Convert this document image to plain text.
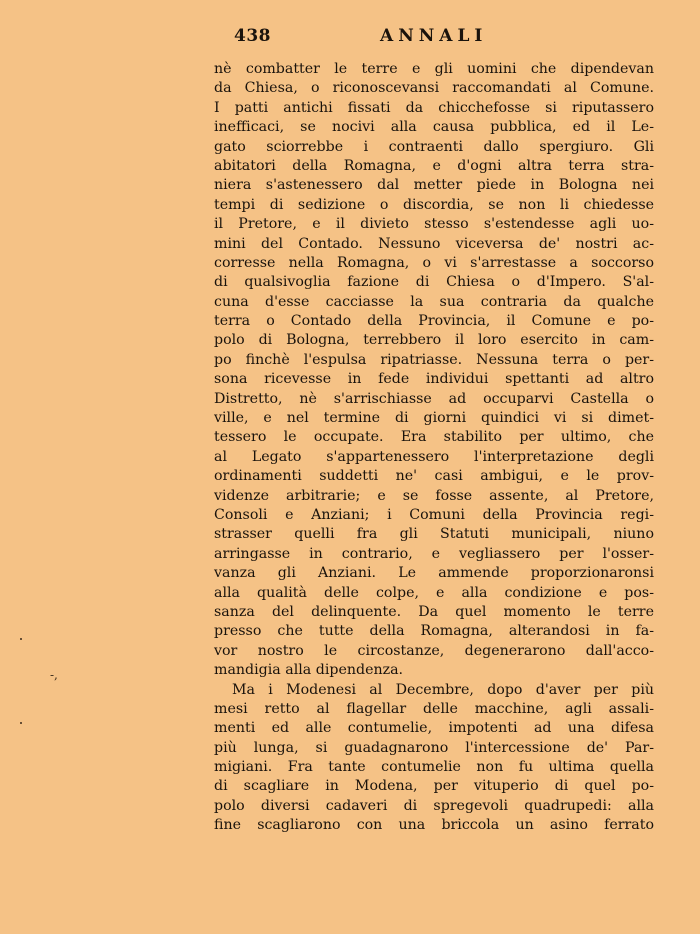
438	ANNALI
nè combatter le terre e gli uomini che dipendevan
da Chiesa, o riconoscevansi raccomandati al Comune.
I patti antichi fissati da chicchefosse si riputassero
inefficaci, se nocivi alla causa pubblica, ed il Le-
gato sciorrebbe i contraenti dallo spergiuro. Gli
abitatori della Romagna, e d'ogni altra terra stra-
niera s'astenessero dal metter piede in Bologna nei
tempi di sedizione o discordia, se non li chiedesse
il Pretore, e il divieto stesso s'estendesse agli uo-
mini del Contado. Nessuno viceversa de' nostri ac-
corresse nella Romagna, o vi s'arrestasse a soccorso
di qualsivoglia fazione di Chiesa o d'Impero. S'al-
cuna d'esse cacciasse la sua contraria da qualche
terra o Contado della Provincia, il Comune e po-
polo di Bologna, terrebbero il loro esercito in cam-
po finchè l'espulsa ripatriasse. Nessuna terra o per-
sona ricevesse in fede individui spettanti ad altro
Distretto, nè s'arrischiasse ad occuparvi Castella o
ville, e nel termine di giorni quindici vi si dimet-
tessero le occupate. Era stabilito per ultimo, che
al Legato s'appartenessero l'interpretazione degli
ordinamenti suddetti ne' casi ambigui, e le prov-
videnze arbitrarie; e se fosse assente, al Pretore,
Consoli e Anziani; i Comuni della Provincia regi-
strasser quelli fra gli Statuti municipali, niuno
arringasse in contrario, e vegliassero per l'osser-
vanza gli Anziani. Le ammende proporzionaronsi
alla qualità delle colpe, e alla condizione e pos-
sanza del delinquente. Da quel momento le terre
presso che tutte della Romagna, alterandosi in fa-
vor nostro le circostanze, degenerarono dall'acco-
mandigia alla dipendenza.
Ma i Modenesi al Decembre, dopo d'aver per più
mesi retto al flagellar delle macchine, agli assali-
menti ed alle contumelie, impotenti ad una difesa
più lunga, si guadagnarono l'intercessione de' Par-
migiani. Fra tante contumelie non fu ultima quella
di scagliare in Modena, per vituperio di quel po-
polo diversi cadaveri di spregevoli quadrupedi: alla
fine scagliarono con una briccola un asino ferrato
-,
